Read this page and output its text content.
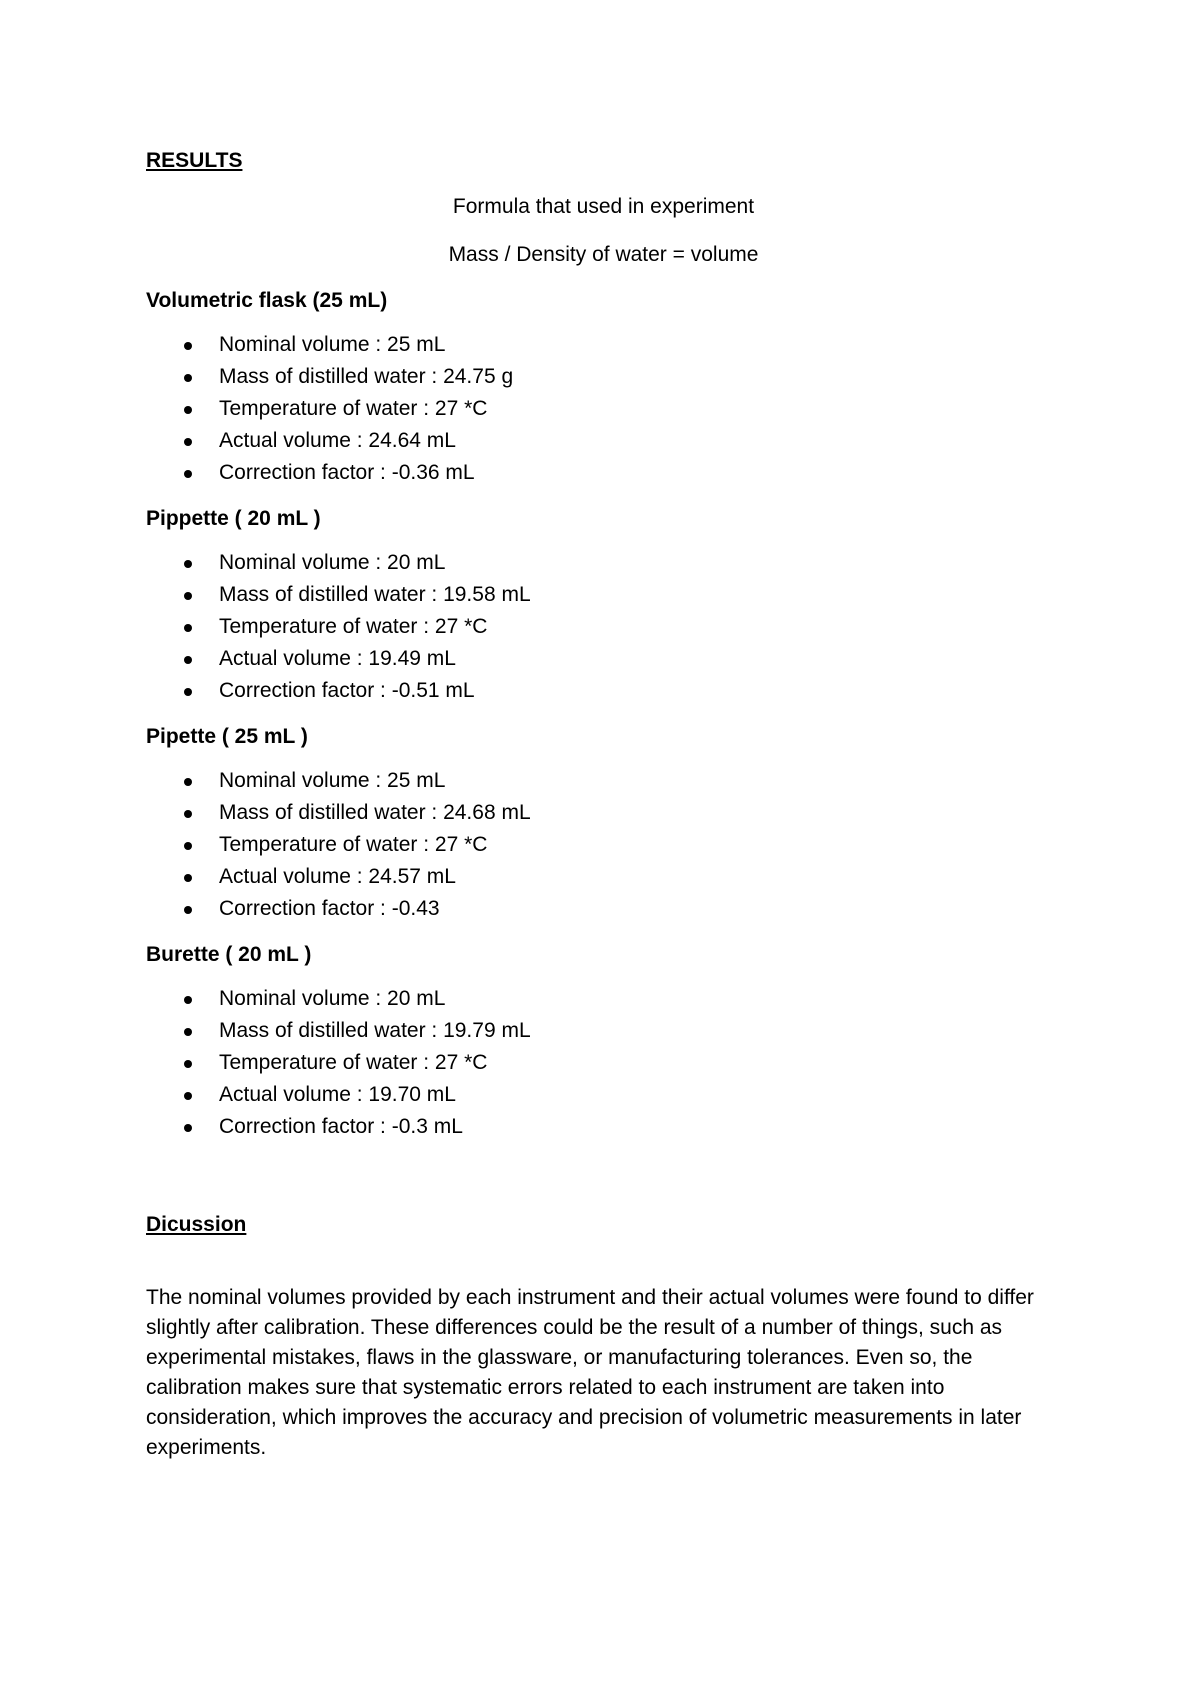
RESULTS

Formula that used in experiment

Mass / Density of water = volume

Volumetric flask (25 mL)

Nominal volume : 25 mL
Mass of distilled water : 24.75 g
Temperature of water : 27 *C
Actual volume : 24.64 mL
Correction factor : -0.36 mL

Pippette ( 20 mL )

Nominal volume : 20 mL
Mass of distilled water : 19.58 mL
Temperature of water : 27 *C
Actual volume : 19.49 mL
Correction factor : -0.51 mL

Pipette ( 25 mL )

Nominal volume : 25 mL
Mass of distilled water : 24.68 mL
Temperature of water : 27 *C
Actual volume : 24.57 mL
Correction factor : -0.43

Burette ( 20 mL )

Nominal volume : 20 mL
Mass of distilled water : 19.79 mL
Temperature of water : 27 *C
Actual volume : 19.70 mL
Correction factor : -0.3 mL

Dicussion

The nominal volumes provided by each instrument and their actual volumes were found to differ slightly after calibration. These differences could be the result of a number of things, such as experimental mistakes, flaws in the glassware, or manufacturing tolerances. Even so, the calibration makes sure that systematic errors related to each instrument are taken into consideration, which improves the accuracy and precision of volumetric measurements in later experiments.
